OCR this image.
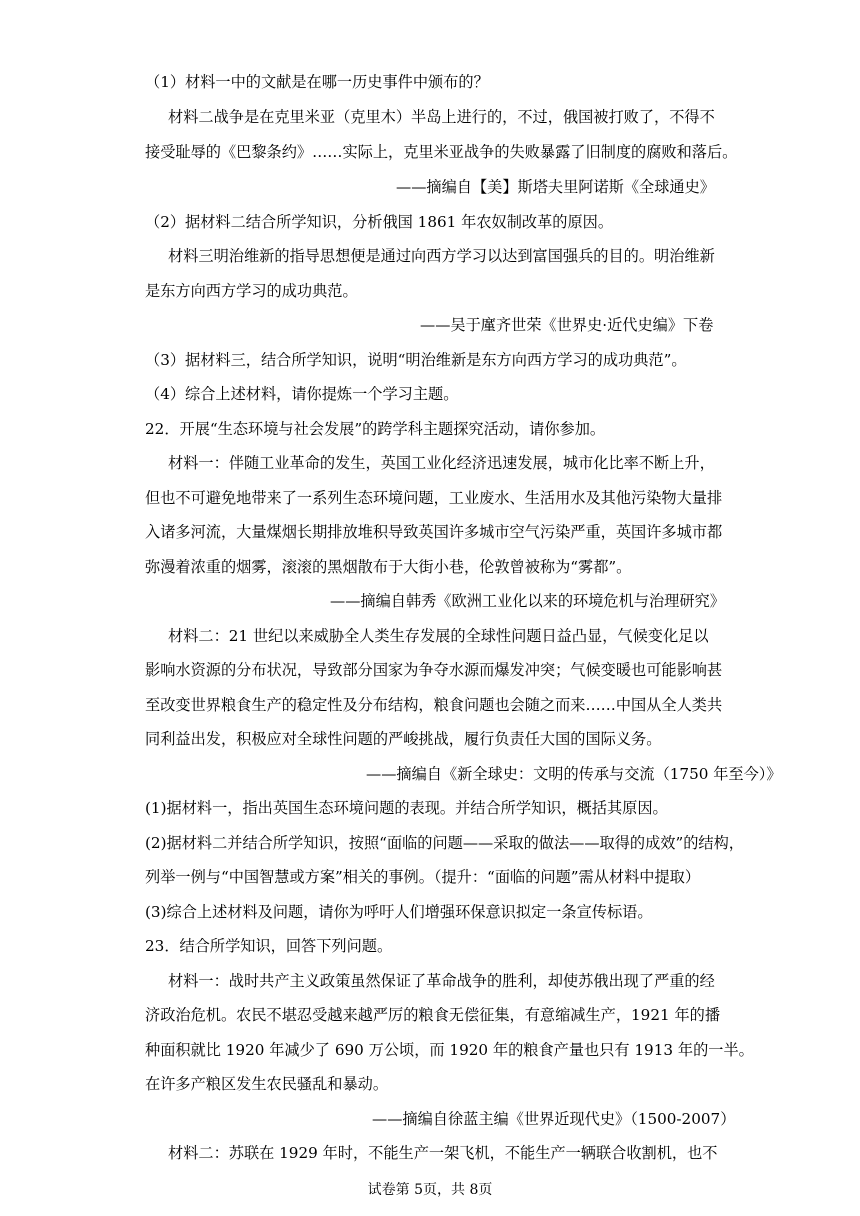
（1）材料一中的文献是在哪一历史事件中颁布的？
材料二战争是在克里米亚（克里木）半岛上进行的，不过，俄国被打败了，不得不
接受耻辱的《巴黎条约》……实际上，克里米亚战争的失败暴露了旧制度的腐败和落后。
——摘编自【美】斯塔夫里阿诺斯《全球通史》
（2）据材料二结合所学知识，分析俄国 1861 年农奴制改革的原因。
材料三明治维新的指导思想便是通过向西方学习以达到富国强兵的目的。明治维新
是东方向西方学习的成功典范。
——吴于廑齐世荣《世界史·近代史编》下卷
（3）据材料三，结合所学知识，说明“明治维新是东方向西方学习的成功典范”。
（4）综合上述材料，请你提炼一个学习主题。
22．开展“生态环境与社会发展”的跨学科主题探究活动，请你参加。
材料一：伴随工业革命的发生，英国工业化经济迅速发展，城市化比率不断上升，
但也不可避免地带来了一系列生态环境问题，工业废水、生活用水及其他污染物大量排
入诸多河流，大量煤烟长期排放堆积导致英国许多城市空气污染严重，英国许多城市都
弥漫着浓重的烟雾，滚滚的黑烟散布于大街小巷，伦敦曾被称为“雾都”。
——摘编自韩秀《欧洲工业化以来的环境危机与治理研究》
材料二：21 世纪以来威胁全人类生存发展的全球性问题日益凸显，气候变化足以
影响水资源的分布状况，导致部分国家为争夺水源而爆发冲突；气候变暖也可能影响甚
至改变世界粮食生产的稳定性及分布结构，粮食问题也会随之而来……中国从全人类共
同利益出发，积极应对全球性问题的严峻挑战，履行负责任大国的国际义务。
——摘编自《新全球史：文明的传承与交流（1750 年至今）》
(1)据材料一，指出英国生态环境问题的表现。并结合所学知识，概括其原因。
(2)据材料二并结合所学知识，按照“面临的问题——采取的做法——取得的成效”的结构，
列举一例与“中国智慧或方案”相关的事例。（提升：“面临的问题”需从材料中提取）
(3)综合上述材料及问题，请你为呼吁人们增强环保意识拟定一条宣传标语。
23．结合所学知识，回答下列问题。
材料一：战时共产主义政策虽然保证了革命战争的胜利，却使苏俄出现了严重的经
济政治危机。农民不堪忍受越来越严厉的粮食无偿征集，有意缩减生产，1921 年的播
种面积就比 1920 年减少了 690 万公顷，而 1920 年的粮食产量也只有 1913 年的一半。
在许多产粮区发生农民骚乱和暴动。
——摘编自徐蓝主编《世界近现代史》（1500-2007）
材料二：苏联在 1929 年时，不能生产一架飞机，不能生产一辆联合收割机，也不
试卷第 5页，共 8页
